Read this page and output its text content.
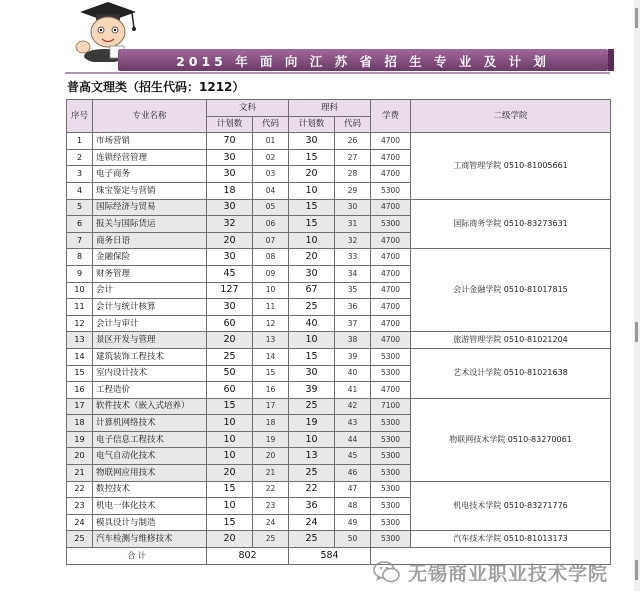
2015 年 面 向 江 苏 省 招 生 专 业 及 计 划
普高文理类（招生代码：1212）
序号	专业名称	文科		理科		学费	二级学院
		计划数	代码	计划数	代码		
1	市场营销	70	01	30	26	4700	工商管理学院 0510-81005661
2	连锁经营管理	30	02	15	27	4700	
3	电子商务	30	03	20	28	4700	
4	珠宝鉴定与营销	18	04	10	29	5300	
5	国际经济与贸易	30	05	15	30	4700	国际商务学院 0510-83273631
6	报关与国际货运	32	06	15	31	5300	
7	商务日语	20	07	10	32	4700	
8	金融保险	30	08	20	33	4700	会计金融学院 0510-81017815
9	财务管理	45	09	30	34	4700	
10	会计	127	10	67	35	4700	
11	会计与统计核算	30	11	25	36	4700	
12	会计与审计	60	12	40	37	4700	
13	景区开发与管理	20	13	10	38	4700	旅游管理学院 0510-81021204
14	建筑装饰工程技术	25	14	15	39	5300	艺术设计学院 0510-81021638
15	室内设计技术	50	15	30	40	5300	
16	工程造价	60	16	39	41	4700	
17	软件技术（嵌入式培养）	15	17	25	42	7100	物联网技术学院 0510-83270061
18	计算机网络技术	10	18	19	43	5300	
19	电子信息工程技术	10	19	10	44	5300	
20	电气自动化技术	10	20	13	45	5300	
21	物联网应用技术	20	21	25	46	5300	
22	数控技术	15	22	22	47	5300	机电技术学院 0510-83271776
23	机电一体化技术	10	23	36	48	5300	
24	模具设计与制造	15	24	24	49	5300	
25	汽车检测与维修技术	20	25	25	50	5300	汽车技术学院 0510-81013173
合 计		802		584			
无锡商业职业技术学院
